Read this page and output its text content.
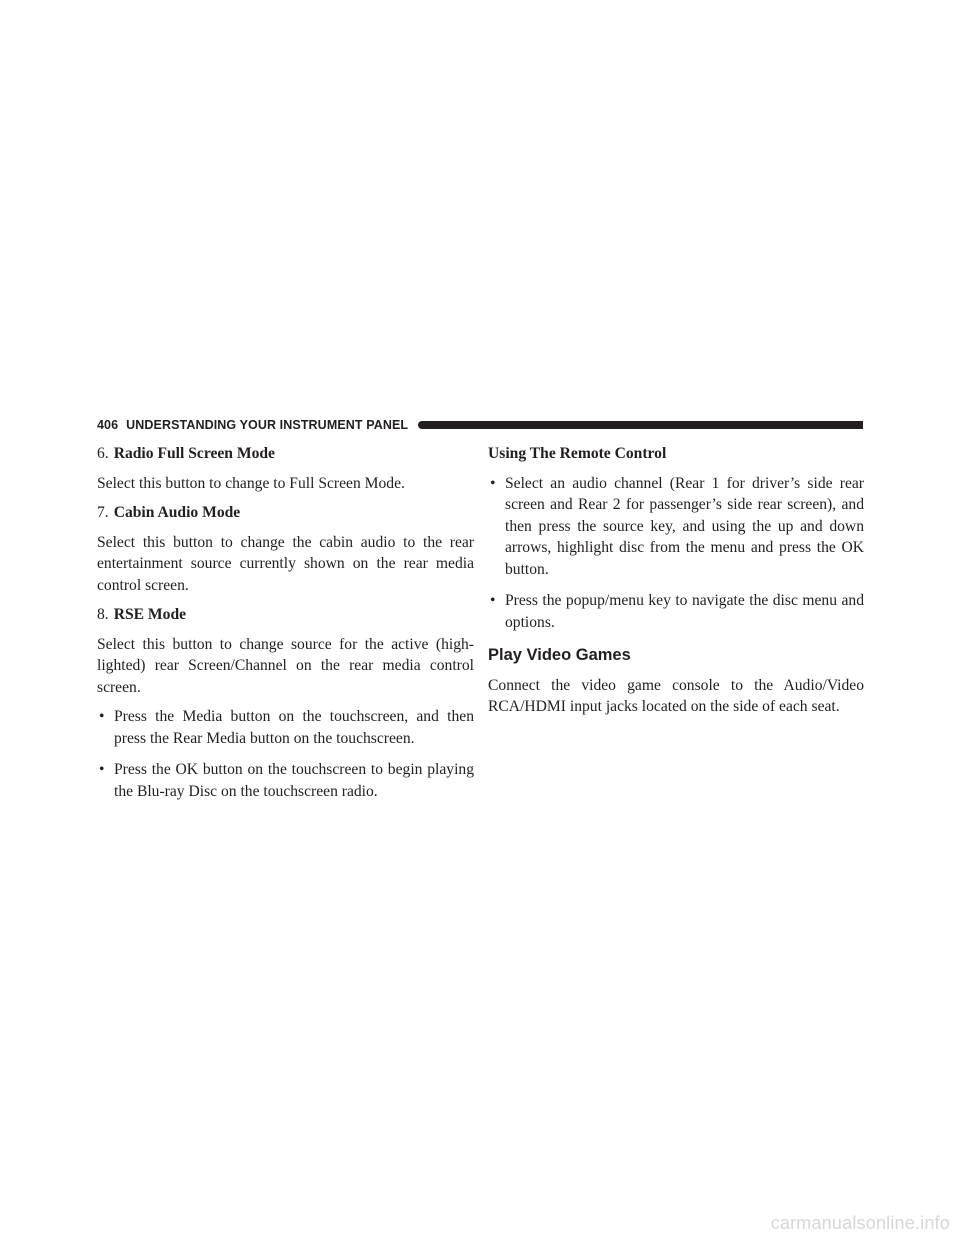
406 UNDERSTANDING YOUR INSTRUMENT PANEL

6. Radio Full Screen Mode

Select this button to change to Full Screen Mode.

7. Cabin Audio Mode

Select this button to change the cabin audio to the rear entertainment source currently shown on the rear media control screen.

8. RSE Mode

Select this button to change source for the active (high-lighted) rear Screen/Channel on the rear media control screen.

• Press the Media button on the touchscreen, and then press the Rear Media button on the touchscreen.
• Press the OK button on the touchscreen to begin playing the Blu-ray Disc on the touchscreen radio.

Using The Remote Control

• Select an audio channel (Rear 1 for driver’s side rear screen and Rear 2 for passenger’s side rear screen), and then press the source key, and using the up and down arrows, highlight disc from the menu and press the OK button.
• Press the popup/menu key to navigate the disc menu and options.
Play Video Games

Connect the video game console to the Audio/Video RCA/HDMI input jacks located on the side of each seat.

carmanualsonline.info
